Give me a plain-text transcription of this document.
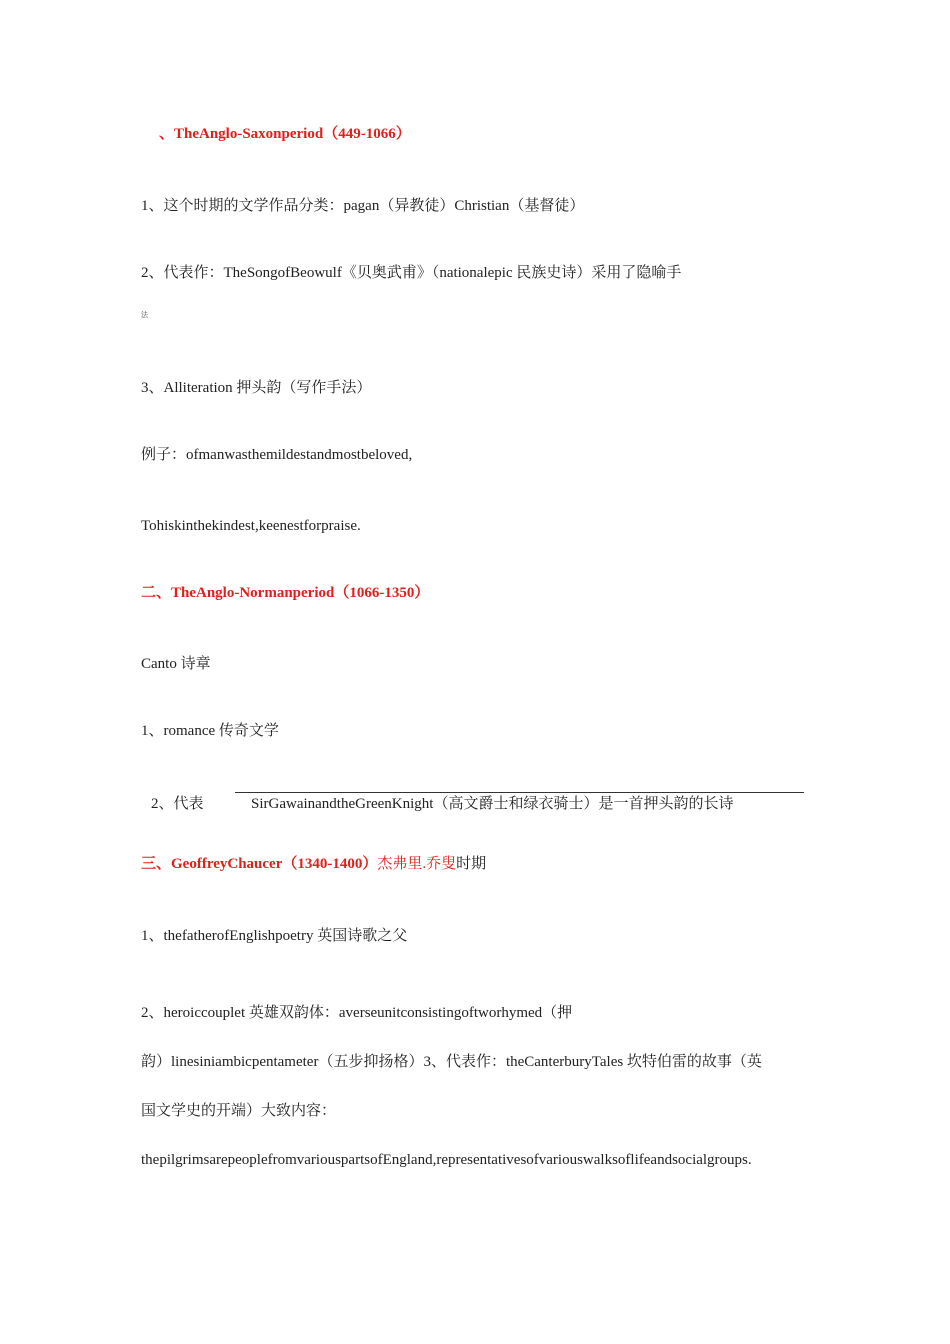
、TheAnglo-Saxonperiod（449-1066）
1、这个时期的文学作品分类：pagan（异教徒）Christian（基督徒）
2、代表作：TheSongofBeowulf《贝奥武甫》（nationalepic 民族史诗）采用了隐喻手
法
3、Alliteration 押头韵（写作手法）
例子：ofmanwasthemildestandmostbeloved,
Tohiskinthekindest,keenestforpraise.
二、TheAnglo-Normanperiod（1066-1350）
Canto 诗章
1、romance 传奇文学
2、代表	SirGawainandtheGreenKnight（高文爵士和绿衣骑士）是一首押头韵的长诗
三、GeoffreyChaucer（1340-1400）杰弗里.乔叟时期
1、thefatherofEnglishpoetry 英国诗歌之父
2、heroiccouplet 英雄双韵体：averseunitconsistingoftworhymed（押
韵）linesiniambicpentameter（五步抑扬格）3、代表作：theCanterburyTales 坎特伯雷的故事（英
国文学史的开端）大致内容：
thepilgrimsarepeoplefromvariouspartsofEngland,representativesofvariouswalksoflifeandsocialgroups.
